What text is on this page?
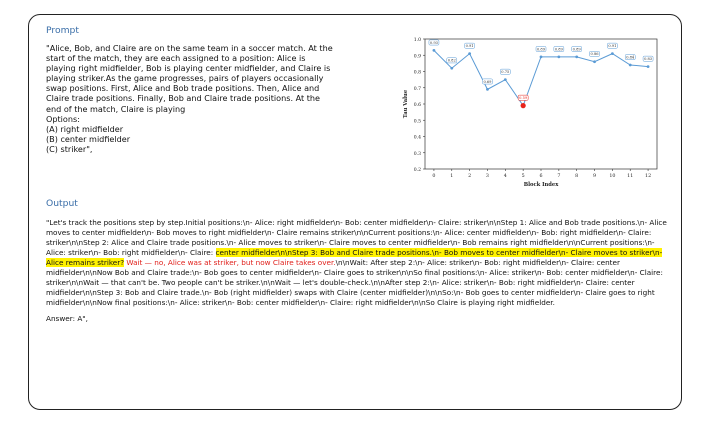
Prompt
"Alice, Bob, and Claire are on the same team in a soccer match. At the
start of the match, they are each assigned to a position: Alice is
playing right midfielder, Bob is playing center midfielder, and Claire is
playing striker.As the game progresses, pairs of players occasionally
swap positions. First, Alice and Bob trade positions. Then, Alice and
Claire trade positions. Finally, Bob and Claire trade positions. At the
end of the match, Claire is playing
Options:
(A) right midfielder
(B) center midfielder
(C) striker",
0.2
0.3
0.4
0.5
0.6
0.7
0.8
0.9
1.0
0	1	2	3	4	5	6	7	8	9	10 11 12
Block Index
Tau Value
0.93
0.82
0.91
0.69
0.75
0.59
0.89	0.89	0.89
0.86
0.91
0.84	0.83
Output
"Let's track the positions step by step.Initial positions:\n- Alice: right midfielder\n- Bob: center midfielder\n- Claire: striker\n\nStep 1: Alice and Bob trade positions.\n- Alice moves to center midfielder\n- Bob moves to right midfielder\n- Claire remains striker\n\nCurrent positions:\n- Alice: center midfielder\n- Bob: right midfielder\n- Claire: striker\n\nStep 2: Alice and Claire trade positions.\n- Alice moves to striker\n- Claire moves to center midfielder\n- Bob remains right midfielder\n\nCurrent positions:\n- Alice: striker\n- Bob: right midfielder\n- Claire: center midfielder\n\nStep 3: Bob and Claire trade positions.\n- Bob moves to center midfielder\n- Claire moves to striker\n- Alice remains striker? Wait — no, Alice was at striker, but now Claire takes over.\n\nWait: After step 2:\n- Alice: striker\n- Bob: right midfielder\n- Claire: center midfielder\n\nNow Bob and Claire trade:\n- Bob goes to center midfielder\n- Claire goes to striker\n\nSo final positions:\n- Alice: striker\n- Bob: center midfielder\n- Claire: striker\n\nWait — that can't be. Two people can't be striker.\n\nWait — let's double-check.\n\nAfter step 2:\n- Alice: striker\n- Bob: right midfielder\n- Claire: center midfielder\n\nStep 3: Bob and Claire trade.\n- Bob (right midfielder) swaps with Claire (center midfielder)\n\nSo:\n- Bob goes to center midfielder\n- Claire goes to right midfielder\n\nNow final positions:\n- Alice: striker\n- Bob: center midfielder\n- Claire: right midfielder\n\nSo Claire is playing right midfielder.
Answer: A",
